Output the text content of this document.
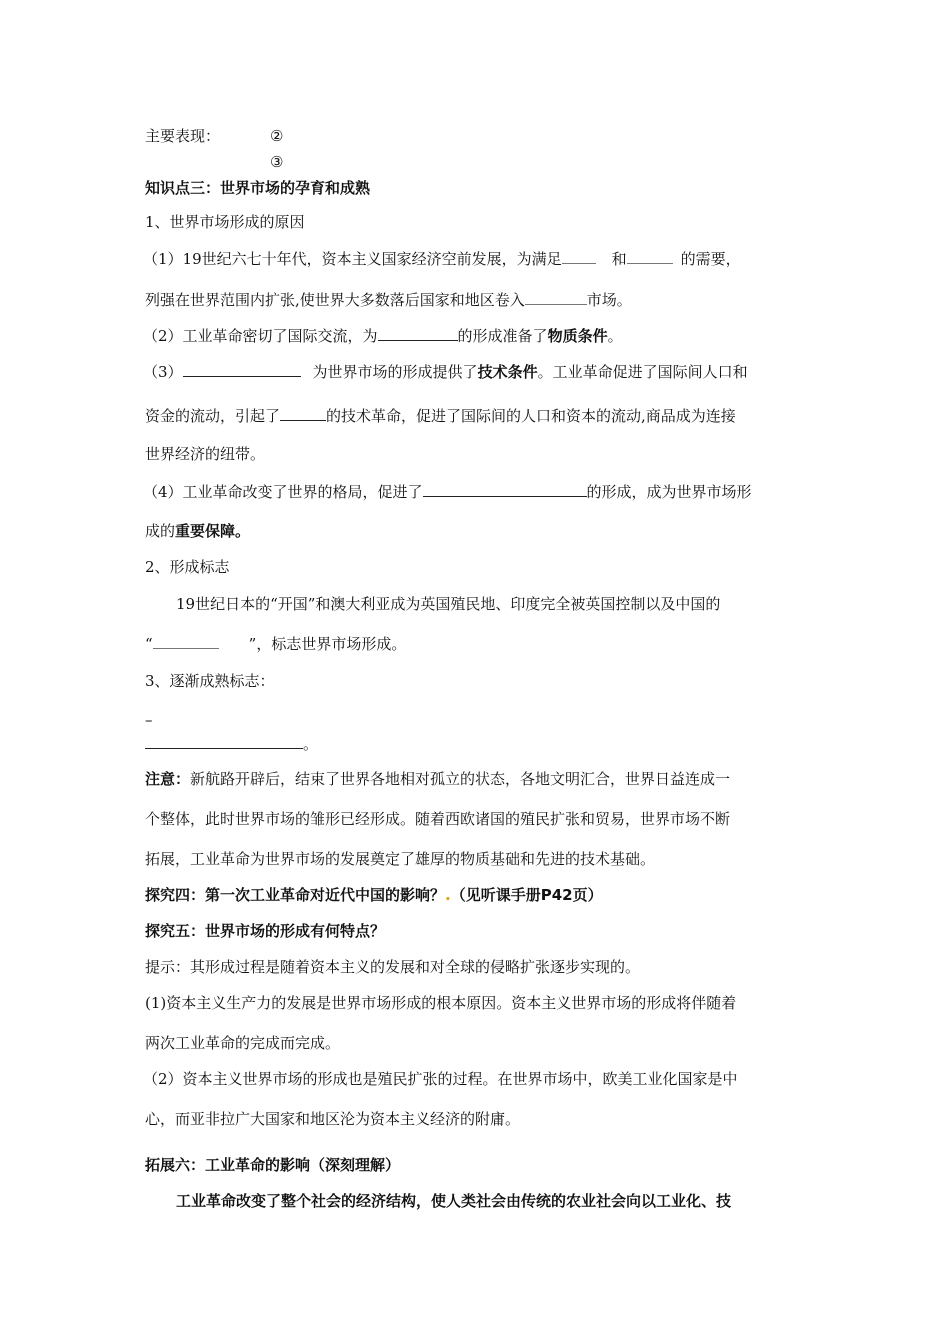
主要表现：	②
③
知识点三：世界市场的孕育和成熟
1、世界市场形成的原因
（1）19世纪六七十年代，资本主义国家经济空前发展，为满足	和	的需要，
列强在世界范围内扩张,使世界大多数落后国家和地区卷入	市场。
（2）工业革命密切了国际交流，为	的形成准备了物质条件。
（3）	为世界市场的形成提供了技术条件。工业革命促进了国际间人口和
资金的流动，引起了	的技术革命，促进了国际间的人口和资本的流动,商品成为连接
世界经济的纽带。
（4）工业革命改变了世界的格局，促进了	的形成，成为世界市场形
成的重要保障。
2、形成标志
19世纪日本的“开国”和澳大利亚成为英国殖民地、印度完全被英国控制以及中国的
“	”，标志世界市场形成。
3、逐渐成熟标志：
–
。
注意：新航路开辟后，结束了世界各地相对孤立的状态，各地文明汇合，世界日益连成一
个整体，此时世界市场的雏形已经形成。随着西欧诸国的殖民扩张和贸易，世界市场不断
拓展，工业革命为世界市场的发展奠定了雄厚的物质基础和先进的技术基础。
探究四：第一次工业革命对近代中国的影响？.（见听课手册P42页）
探究五：世界市场的形成有何特点？
提示：其形成过程是随着资本主义的发展和对全球的侵略扩张逐步实现的。
(1)资本主义生产力的发展是世界市场形成的根本原因。资本主义世界市场的形成将伴随着
两次工业革命的完成而完成。
（2）资本主义世界市场的形成也是殖民扩张的过程。在世界市场中，欧美工业化国家是中
心，而亚非拉广大国家和地区沦为资本主义经济的附庸。
拓展六：工业革命的影响（深刻理解）
工业革命改变了整个社会的经济结构，使人类社会由传统的农业社会向以工业化、技
